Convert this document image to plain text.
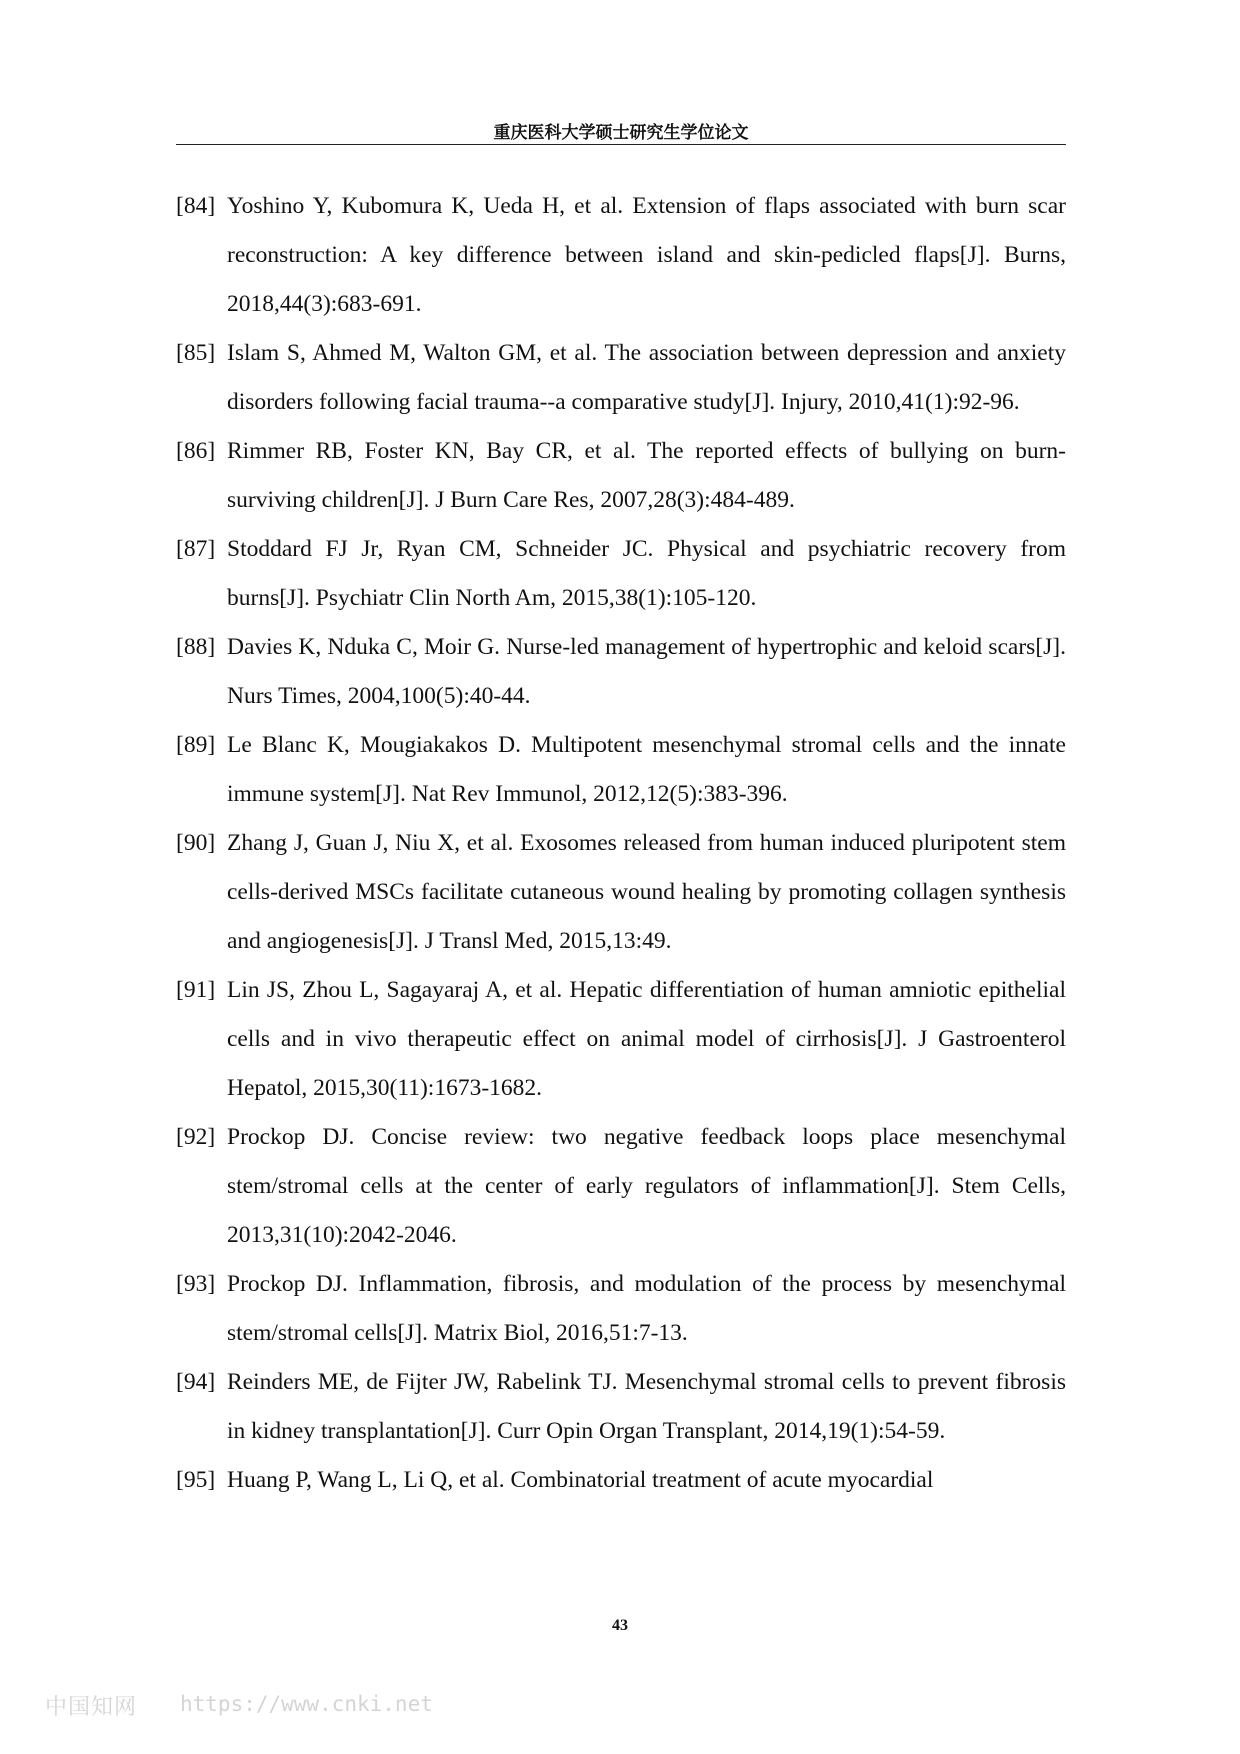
重庆医科大学硕士研究生学位论文
[84] Yoshino Y, Kubomura K, Ueda H, et al. Extension of flaps associated with burn scar reconstruction: A key difference between island and skin-pedicled flaps[J]. Burns, 2018,44(3):683-691.
[85] Islam S, Ahmed M, Walton GM, et al. The association between depression and anxiety disorders following facial trauma--a comparative study[J]. Injury, 2010,41(1):92-96.
[86] Rimmer RB, Foster KN, Bay CR, et al. The reported effects of bullying on burn-surviving children[J]. J Burn Care Res, 2007,28(3):484-489.
[87] Stoddard FJ Jr, Ryan CM, Schneider JC. Physical and psychiatric recovery from burns[J]. Psychiatr Clin North Am, 2015,38(1):105-120.
[88] Davies K, Nduka C, Moir G. Nurse-led management of hypertrophic and keloid scars[J]. Nurs Times, 2004,100(5):40-44.
[89] Le Blanc K, Mougiakakos D. Multipotent mesenchymal stromal cells and the innate immune system[J]. Nat Rev Immunol, 2012,12(5):383-396.
[90] Zhang J, Guan J, Niu X, et al. Exosomes released from human induced pluripotent stem cells-derived MSCs facilitate cutaneous wound healing by promoting collagen synthesis and angiogenesis[J]. J Transl Med, 2015,13:49.
[91] Lin JS, Zhou L, Sagayaraj A, et al. Hepatic differentiation of human amniotic epithelial cells and in vivo therapeutic effect on animal model of cirrhosis[J]. J Gastroenterol Hepatol, 2015,30(11):1673-1682.
[92] Prockop DJ. Concise review: two negative feedback loops place mesenchymal stem/stromal cells at the center of early regulators of inflammation[J]. Stem Cells, 2013,31(10):2042-2046.
[93] Prockop DJ. Inflammation, fibrosis, and modulation of the process by mesenchymal stem/stromal cells[J]. Matrix Biol, 2016,51:7-13.
[94] Reinders ME, de Fijter JW, Rabelink TJ. Mesenchymal stromal cells to prevent fibrosis in kidney transplantation[J]. Curr Opin Organ Transplant, 2014,19(1):54-59.
[95] Huang P, Wang L, Li Q, et al. Combinatorial treatment of acute myocardial
43
中国知网 https://www.cnki.net
